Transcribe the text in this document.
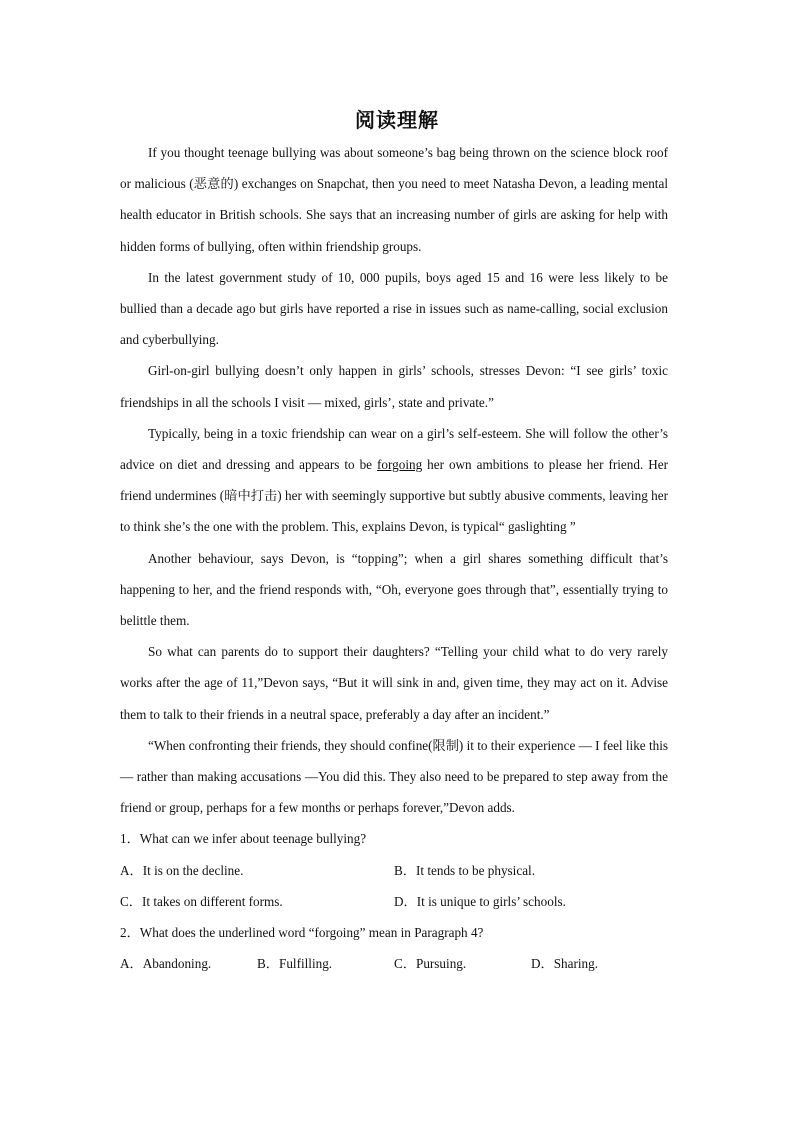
阅读理解

If you thought teenage bullying was about someone’s bag being thrown on the science block roof or malicious (恶意的) exchanges on Snapchat, then you need to meet Natasha Devon, a leading mental health educator in British schools. She says that an increasing number of girls are asking for help with hidden forms of bullying, often within friendship groups.

In the latest government study of 10, 000 pupils, boys aged 15 and 16 were less likely to be bullied than a decade ago but girls have reported a rise in issues such as name-calling, social exclusion and cyberbullying.

Girl-on-girl bullying doesn’t only happen in girls’ schools, stresses Devon: “I see girls’ toxic friendships in all the schools I visit — mixed, girls’, state and private.”

Typically, being in a toxic friendship can wear on a girl’s self-esteem. She will follow the other’s advice on diet and dressing and appears to be forgoing her own ambitions to please her friend. Her friend undermines (暗中打击) her with seemingly supportive but subtly abusive comments, leaving her to think she’s the one with the problem. This, explains Devon, is typical“ gaslighting ”

Another behaviour, says Devon, is “topping”; when a girl shares something difficult that’s happening to her, and the friend responds with, “Oh, everyone goes through that”, essentially trying to belittle them.

So what can parents do to support their daughters? “Telling your child what to do very rarely works after the age of 11,”Devon says, “But it will sink in and, given time, they may act on it. Advise them to talk to their friends in a neutral space, preferably a day after an incident.”

“When confronting their friends, they should confine(限制) it to their experience — I feel like this— rather than making accusations —You did this. They also need to be prepared to step away from the friend or group, perhaps for a few months or perhaps forever,”Devon adds.

1．What can we infer about teenage bullying?

A．It is on the decline.	B．It tends to be physical.
C．It takes on different forms.	D．It is unique to girls’ schools.

2．What does the underlined word “forgoing” mean in Paragraph 4?

A．Abandoning.	B．Fulfilling.	C．Pursuing.	D．Sharing.
